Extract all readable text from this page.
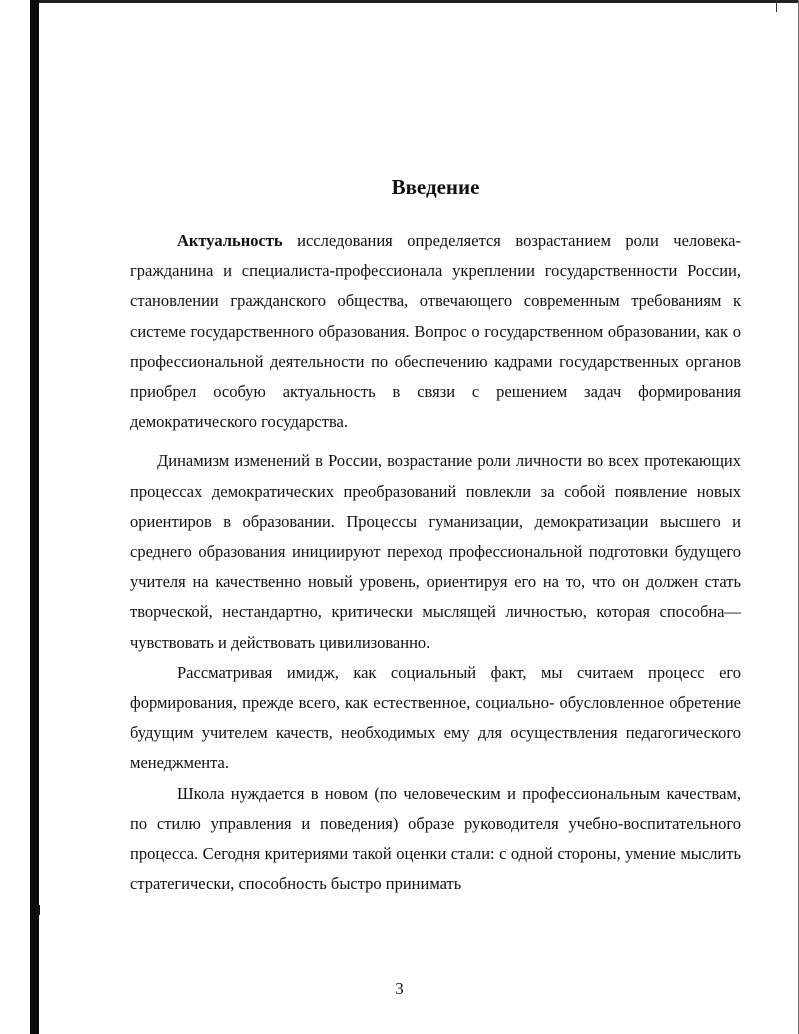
Введение

Актуальность исследования определяется возрастанием роли человека-гражданина и специалиста-профессионала укреплении государственности России, становлении гражданского общества, отвечающего современным требованиям к системе государственного образования. Вопрос о государственном образовании, как о профессиональной деятельности по обеспечению кадрами государственных органов приобрел особую актуальность в связи с решением задач формирования демократического государства.

Динамизм изменений в России, возрастание роли личности во всех протекающих процессах демократических преобразований повлекли за собой появление новых ориентиров в образовании. Процессы гуманизации, демократизации высшего и среднего образования инициируют переход профессиональной подготовки будущего учителя на качественно новый уровень, ориентируя его на то, что он должен стать творческой, нестандартно, критически мыслящей личностью, которая способна—чувствовать и действовать цивилизованно.

Рассматривая имидж, как социальный факт, мы считаем процесс его формирования, прежде всего, как естественное, социально- обусловленное обретение будущим учителем качеств, необходимых ему для осуществления педагогического менеджмента.

Школа нуждается в новом (по человеческим и профессиональным качествам, по стилю управления и поведения) образе руководителя учебно-воспитательного процесса. Сегодня критериями такой оценки стали: с одной стороны, умение мыслить стратегически, способность быстро принимать

3
